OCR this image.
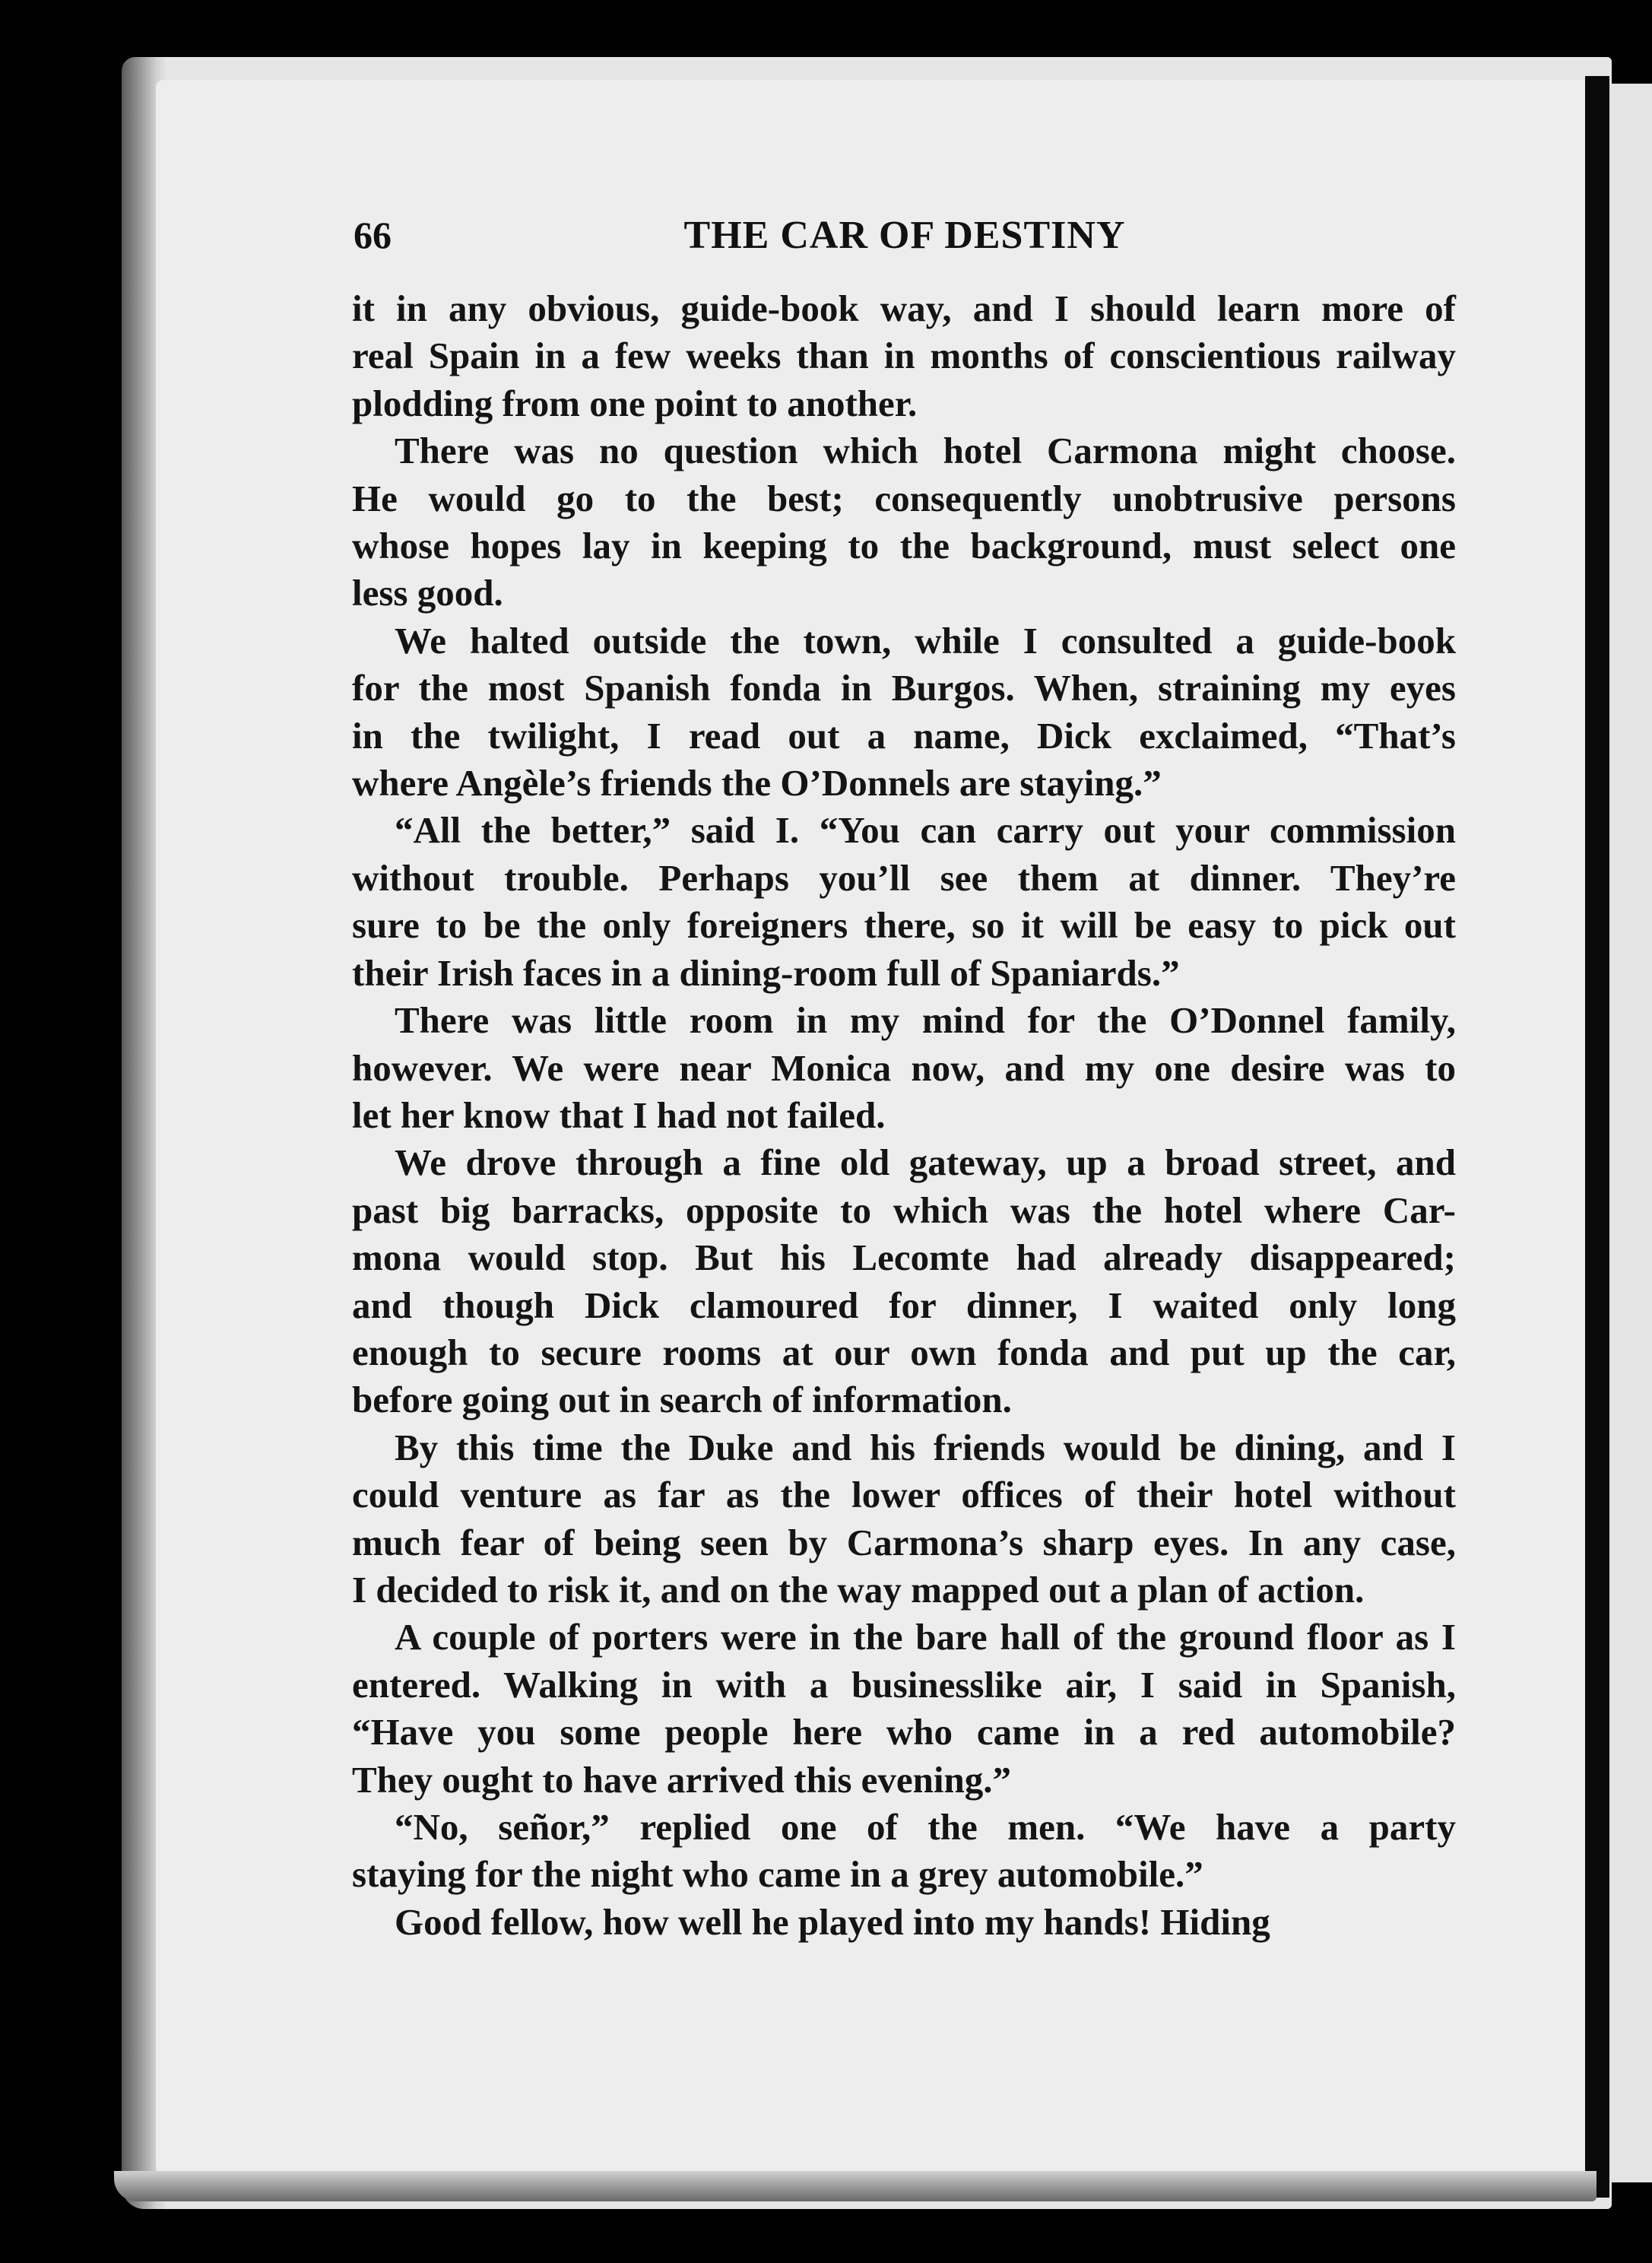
66	THE CAR OF DESTINY
it in any obvious, guide-book way, and I should learn more of
real Spain in a few weeks than in months of conscientious railway
plodding from one point to another.
There was no question which hotel Carmona might choose.
He would go to the best; consequently unobtrusive persons
whose hopes lay in keeping to the background, must select one
less good.
We halted outside the town, while I consulted a guide-book
for the most Spanish fonda in Burgos. When, straining my eyes
in the twilight, I read out a name, Dick exclaimed, “That’s
where Angèle’s friends the O’Donnels are staying.”
“All the better,” said I. “You can carry out your commission
without trouble. Perhaps you’ll see them at dinner. They’re
sure to be the only foreigners there, so it will be easy to pick out
their Irish faces in a dining-room full of Spaniards.”
There was little room in my mind for the O’Donnel family,
however. We were near Monica now, and my one desire was to
let her know that I had not failed.
We drove through a fine old gateway, up a broad street, and
past big barracks, opposite to which was the hotel where Car-
mona would stop. But his Lecomte had already disappeared;
and though Dick clamoured for dinner, I waited only long
enough to secure rooms at our own fonda and put up the car,
before going out in search of information.
By this time the Duke and his friends would be dining, and I
could venture as far as the lower offices of their hotel without
much fear of being seen by Carmona’s sharp eyes. In any case,
I decided to risk it, and on the way mapped out a plan of action.
A couple of porters were in the bare hall of the ground floor as I
entered. Walking in with a businesslike air, I said in Spanish,
“Have you some people here who came in a red automobile?
They ought to have arrived this evening.”
“No, señor,” replied one of the men. “We have a party
staying for the night who came in a grey automobile.”
Good fellow, how well he played into my hands! Hiding
